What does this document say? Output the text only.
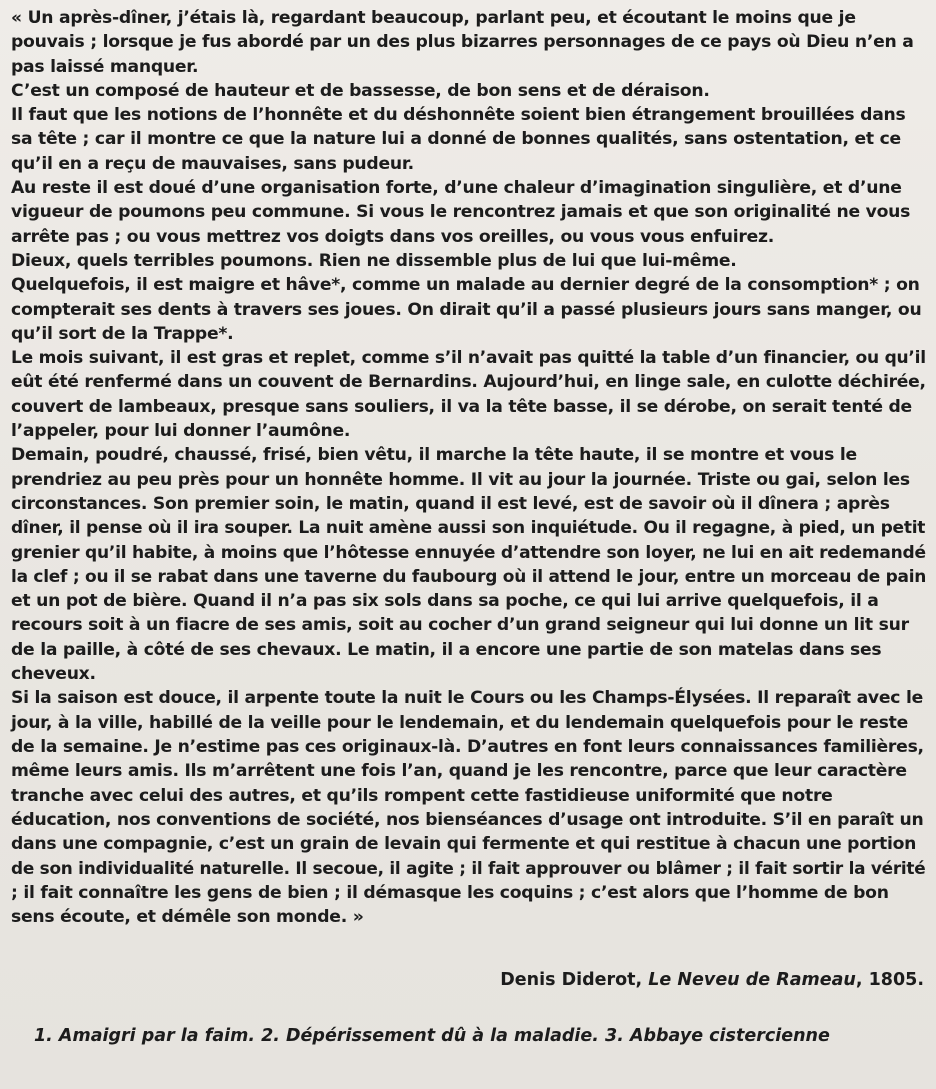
« Un après-dîner, j’étais là, regardant beaucoup, parlant peu, et écoutant le moins que je
pouvais ; lorsque je fus abordé par un des plus bizarres personnages de ce pays où Dieu n’en a
pas laissé manquer.
C’est un composé de hauteur et de bassesse, de bon sens et de déraison.
Il faut que les notions de l’honnête et du déshonnête soient bien étrangement brouillées dans
sa tête ; car il montre ce que la nature lui a donné de bonnes qualités, sans ostentation, et ce
qu’il en a reçu de mauvaises, sans pudeur.
Au reste il est doué d’une organisation forte, d’une chaleur d’imagination singulière, et d’une
vigueur de poumons peu commune. Si vous le rencontrez jamais et que son originalité ne vous
arrête pas ; ou vous mettrez vos doigts dans vos oreilles, ou vous vous enfuirez.
Dieux, quels terribles poumons. Rien ne dissemble plus de lui que lui-même.
Quelquefois, il est maigre et hâve*, comme un malade au dernier degré de la consomption* ; on
compterait ses dents à travers ses joues. On dirait qu’il a passé plusieurs jours sans manger, ou
qu’il sort de la Trappe*.
Le mois suivant, il est gras et replet, comme s’il n’avait pas quitté la table d’un financier, ou qu’il
eût été renfermé dans un couvent de Bernardins. Aujourd’hui, en linge sale, en culotte déchirée,
couvert de lambeaux, presque sans souliers, il va la tête basse, il se dérobe, on serait tenté de
l’appeler, pour lui donner l’aumône.
Demain, poudré, chaussé, frisé, bien vêtu, il marche la tête haute, il se montre et vous le
prendriez au peu près pour un honnête homme. Il vit au jour la journée. Triste ou gai, selon les
circonstances. Son premier soin, le matin, quand il est levé, est de savoir où il dînera ; après
dîner, il pense où il ira souper. La nuit amène aussi son inquiétude. Ou il regagne, à pied, un petit
grenier qu’il habite, à moins que l’hôtesse ennuyée d’attendre son loyer, ne lui en ait redemandé
la clef ; ou il se rabat dans une taverne du faubourg où il attend le jour, entre un morceau de pain
et un pot de bière. Quand il n’a pas six sols dans sa poche, ce qui lui arrive quelquefois, il a
recours soit à un fiacre de ses amis, soit au cocher d’un grand seigneur qui lui donne un lit sur
de la paille, à côté de ses chevaux. Le matin, il a encore une partie de son matelas dans ses
cheveux.
Si la saison est douce, il arpente toute la nuit le Cours ou les Champs-Élysées. Il reparaît avec le
jour, à la ville, habillé de la veille pour le lendemain, et du lendemain quelquefois pour le reste
de la semaine. Je n’estime pas ces originaux-là. D’autres en font leurs connaissances familières,
même leurs amis. Ils m’arrêtent une fois l’an, quand je les rencontre, parce que leur caractère
tranche avec celui des autres, et qu’ils rompent cette fastidieuse uniformité que notre
éducation, nos conventions de société, nos bienséances d’usage ont introduite. S’il en paraît un
dans une compagnie, c’est un grain de levain qui fermente et qui restitue à chacun une portion
de son individualité naturelle. Il secoue, il agite ; il fait approuver ou blâmer ; il fait sortir la vérité
; il fait connaître les gens de bien ; il démasque les coquins ; c’est alors que l’homme de bon
sens écoute, et démêle son monde. »
Denis Diderot, Le Neveu de Rameau, 1805.
1. Amaigri par la faim. 2. Dépérissement dû à la maladie. 3. Abbaye cistercienne
